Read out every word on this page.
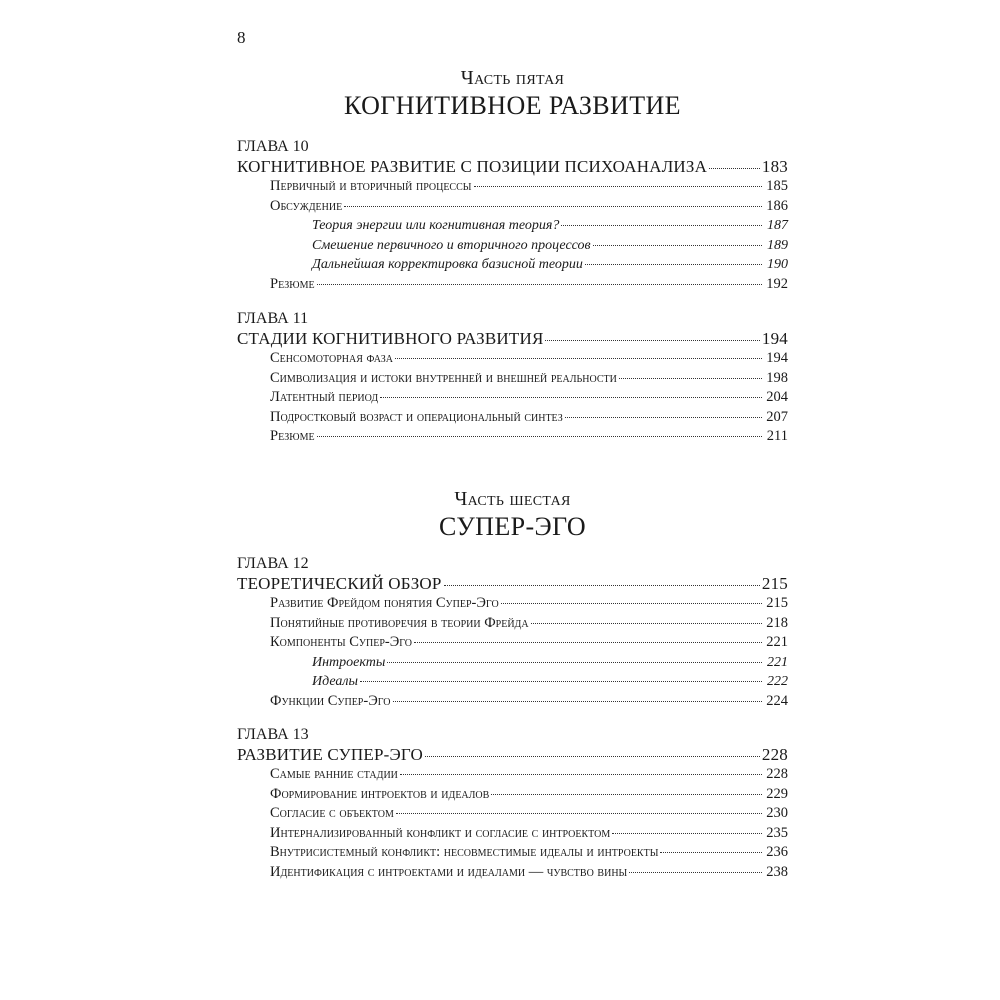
8
Часть пятая
КОГНИТИВНОЕ РАЗВИТИЕ
ГЛАВА 10
КОГНИТИВНОЕ РАЗВИТИЕ С ПОЗИЦИИ ПСИХОАНАЛИЗА	183
Первичный и вторичный процессы	185
Обсуждение	186
Теория энергии или когнитивная теория?	187
Смешение первичного и вторичного процессов	189
Дальнейшая корректировка базисной теории	190
Резюме	192
ГЛАВА 11
СТАДИИ КОГНИТИВНОГО РАЗВИТИЯ	194
Сенсомоторная фаза	194
Символизация и истоки внутренней и внешней реальности	198
Латентный период	204
Подростковый возраст и операциональный синтез	207
Резюме	211
Часть шестая
СУПЕР-ЭГО
ГЛАВА 12
ТЕОРЕТИЧЕСКИЙ ОБЗОР	215
Развитие Фрейдом понятия Супер-Эго	215
Понятийные противоречия в теории Фрейда	218
Компоненты Супер-Эго	221
Интроекты	221
Идеалы	222
Функции Супер-Эго	224
ГЛАВА 13
РАЗВИТИЕ СУПЕР-ЭГО	228
Самые ранние стадии	228
Формирование интроектов и идеалов	229
Согласие с объектом	230
Интернализированный конфликт и согласие с интроектом	235
Внутрисистемный конфликт: несовместимые идеалы и интроекты	236
Идентификация с интроектами и идеалами — чувство вины	238
